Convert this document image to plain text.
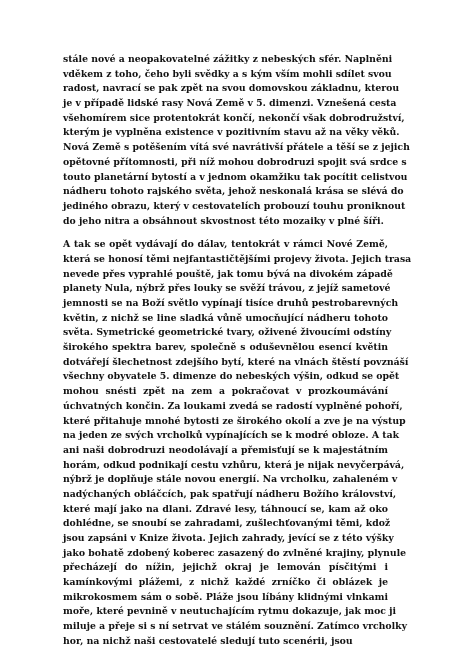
stále nové a neopakovatelné zážitky z nebeských sfér. Naplněni
vděkem z toho, čeho byli svědky a s kým vším mohli sdílet svou
radost, navrací se pak zpět na svou domovskou základnu, kterou
je v případě lidské rasy Nová Země v 5. dimenzi. Vznešená cesta
všehomírem sice protentokrát končí, nekončí však dobrodružství,
kterým je vyplněna existence v pozitivním stavu až na věky věků.
Nová Země s potěšením vítá své navrátivší přátele a těší se z jejich
opětovné přítomnosti, při níž mohou dobrodruzi spojit svá srdce s
touto planetární bytostí a v jednom okamžiku tak pocítit celistvou
nádheru tohoto rajského světa, jehož neskonalá krása se slévá do
jediného obrazu, který v cestovatelích probouzí touhu proniknout
do jeho nitra a obsáhnout skvostnost této mozaiky v plné šíři.
A tak se opět vydávají do dálav, tentokrát v rámci Nové Země,
která se honosí těmi nejfantastičtějšími projevy života. Jejich trasa
nevede přes vyprahlé pouště, jak tomu bývá na divokém západě
planety Nula, nýbrž přes louky se svěží trávou, z jejíž sametové
jemnosti se na Boží světlo vypínají tisíce druhů pestrobarevných
květin, z nichž se line sladká vůně umocňující nádheru tohoto
světa. Symetrické geometrické tvary, oživené živoucími odstíny
širokého spektra barev, společně s oduševnělou esencí květin
dotvářejí šlechetnost zdejšího bytí, které na vlnách štěstí povznáší
všechny obyvatele 5. dimenze do nebeských výšin, odkud se opět
mohou snésti zpět na zem a pokračovat v prozkoumávání
úchvatných končin. Za loukami zvedá se radostí vyplněné pohoří,
které přitahuje mnohé bytosti ze širokého okolí a zve je na výstup
na jeden ze svých vrcholků vypínajících se k modré obloze. A tak
ani naši dobrodruzi neodolávají a přemisťují se k majestátním
horám, odkud podnikají cestu vzhůru, která je nijak nevyčerpává,
nýbrž je doplňuje stále novou energií. Na vrcholku, zahaleném v
nadýchaných obláčcích, pak spatřují nádheru Božího království,
které mají jako na dlani. Zdravé lesy, táhnoucí se, kam až oko
dohlédne, se snoubí se zahradami, zušlechťovanými těmi, kdož
jsou zapsáni v Knize života. Jejich zahrady, jevící se z této výšky
jako bohatě zdobený koberec zasazený do zvlněné krajiny, plynule
přecházejí do nížin, jejichž okraj je lemován písčitými i
kamínkovými plážemi, z nichž každé zrníčko či oblázek je
mikrokosmem sám o sobě. Pláže jsou líbány klidnými vlnkami
moře, které pevnině v neutuchajícím rytmu dokazuje, jak moc ji
miluje a přeje si s ní setrvat ve stálém souznění. Zatímco vrcholky
hor, na nichž naši cestovatelé sledují tuto scenérii, jsou
